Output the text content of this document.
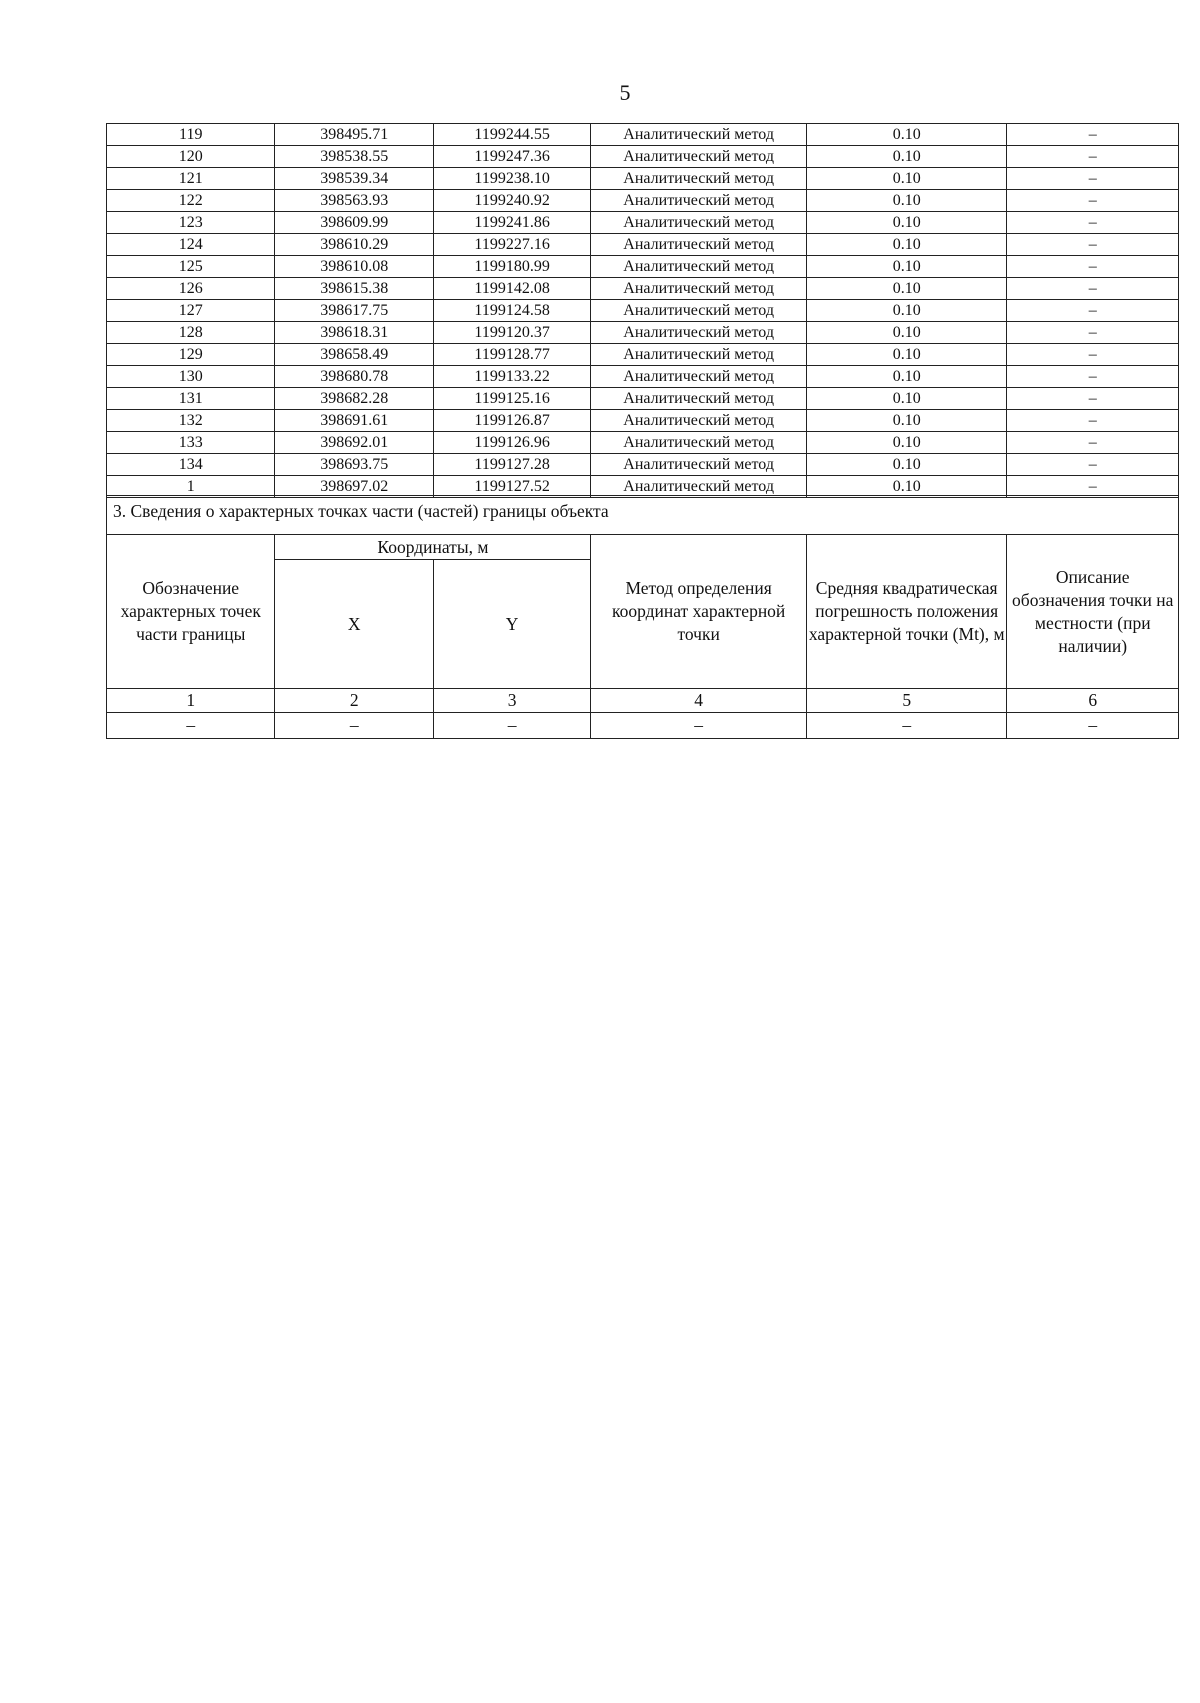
5
119	398495.71	1199244.55	Аналитический метод	0.10	–
120	398538.55	1199247.36	Аналитический метод	0.10	–
121	398539.34	1199238.10	Аналитический метод	0.10	–
122	398563.93	1199240.92	Аналитический метод	0.10	–
123	398609.99	1199241.86	Аналитический метод	0.10	–
124	398610.29	1199227.16	Аналитический метод	0.10	–
125	398610.08	1199180.99	Аналитический метод	0.10	–
126	398615.38	1199142.08	Аналитический метод	0.10	–
127	398617.75	1199124.58	Аналитический метод	0.10	–
128	398618.31	1199120.37	Аналитический метод	0.10	–
129	398658.49	1199128.77	Аналитический метод	0.10	–
130	398680.78	1199133.22	Аналитический метод	0.10	–
131	398682.28	1199125.16	Аналитический метод	0.10	–
132	398691.61	1199126.87	Аналитический метод	0.10	–
133	398692.01	1199126.96	Аналитический метод	0.10	–
134	398693.75	1199127.28	Аналитический метод	0.10	–
1	398697.02	1199127.52	Аналитический метод	0.10	–
3. Сведения о характерных точках части (частей) границы объекта					
Обозначение характерных точек части границы	Координаты, м		Метод определения координат характерной точки	Средняя квадратическая погрешность положения характерной точки (Mt), м	Описание обозначения точки на местности (при наличии)
	X	Y			
1	2	3	4	5	6
–	–	–	–	–	–
